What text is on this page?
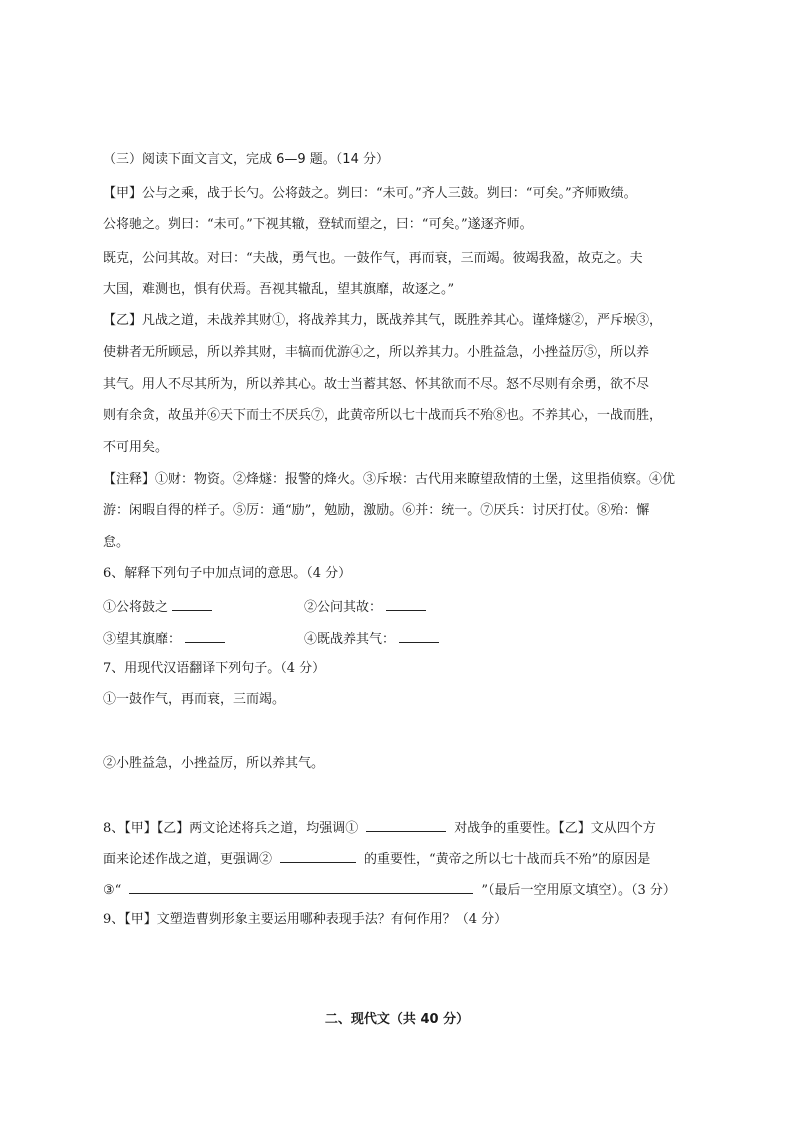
（三）阅读下面文言文，完成 6—9 题。（14 分）
【甲】公与之乘，战于长勺。公将鼓之。刿曰：“未可。”齐人三鼓。刿曰：“可矣。”齐师败绩。
公将驰之。刿曰：“未可。”下视其辙，登轼而望之，曰：“可矣。”遂逐齐师。
既克，公问其故。对曰：“夫战，勇气也。一鼓作气，再而衰，三而竭。彼竭我盈，故克之。夫
大国，难测也，惧有伏焉。吾视其辙乱，望其旗靡，故逐之。”
【乙】凡战之道，未战养其财①，将战养其力，既战养其气，既胜养其心。谨烽燧②，严斥堠③，
使耕者无所顾忌，所以养其财，丰犒而优游④之，所以养其力。小胜益急，小挫益厉⑤，所以养
其气。用人不尽其所为，所以养其心。故士当蓄其怒、怀其欲而不尽。怒不尽则有余勇，欲不尽
则有余贪，故虽并⑥天下而士不厌兵⑦，此黄帝所以七十战而兵不殆⑧也。不养其心，一战而胜，
不可用矣。
【注释】①财：物资。②烽燧：报警的烽火。③斥堠：古代用来瞭望敌情的土堡，这里指侦察。④优
游：闲暇自得的样子。⑤厉：通“励”，勉励，激励。⑥并：统一。⑦厌兵：讨厌打仗。⑧殆：懈
怠。
6、解释下列句子中加点词的意思。（4 分）
①公将鼓之	②公问其故：
③望其旗靡：	④既战养其气：
7、用现代汉语翻译下列句子。（4 分）
①一鼓作气，再而衰，三而竭。
②小胜益急，小挫益厉，所以养其气。
8、【甲】【乙】两文论述将兵之道，均强调①	对战争的重要性。【乙】文从四个方
面来论述作战之道，更强调②	的重要性，“黄帝之所以七十战而兵不殆”的原因是
③“	”（最后一空用原文填空）。（3 分）
9、【甲】文塑造曹刿形象主要运用哪种表现手法？有何作用？（4 分）
二、现代文（共 40 分）
